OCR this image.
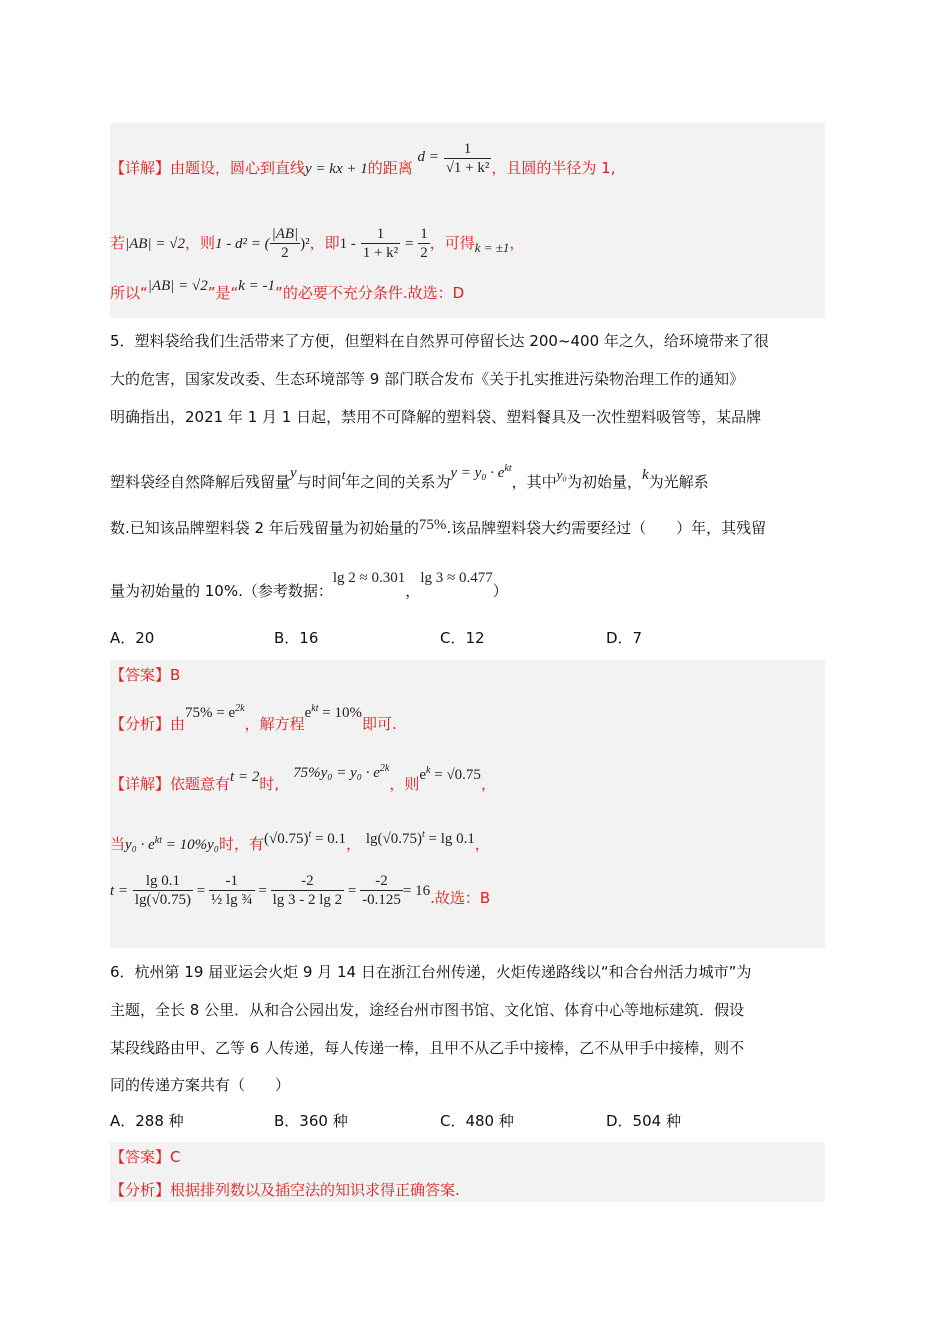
【详解】由题设，圆心到直线y = kx + 1的距离 $d = \frac{1}{\text{√1 + k²}}$ ，且圆的半径为 1,
若|AB| = √2，则1 - d² = ( $\frac{|AB|}{2} )^2$，即$1 - \frac{1}{\text{1 + k²}} = \frac{1}{2}$ ，可得k = ±1，
所以“|AB| = √2”是“k = -1”的必要不充分条件.故选：D
5．塑料袋给我们生活带来了方便，但塑料在自然界可停留长达 200~400 年之久，给环境带来了很
大的危害，国家发改委、生态环境部等 9 部门联合发布《关于扎实推进污染物治理工作的通知》
明确指出，2021 年 1 月 1 日起，禁用不可降解的塑料袋、塑料餐具及一次性塑料吸管等，某品牌
塑料袋经自然降解后残留量y与时间t年之间的关系为$y = y_0 \cdot e^{kt}$，其中y₀为初始量，k为光解系
数.已知该品牌塑料袋 2 年后残留量为初始量的75%.该品牌塑料袋大约需要经过（　　）年，其残留
量为初始量的 10%.（参考数据：lg 2 ≈ 0.301，lg 3 ≈ 0.477）
A．20	B．16	C．12	D．7
【答案】B
【分析】由$75\% = e^{2k}$，解方程$e^{kt} = 10\%$即可.
【详解】依题意有t = 2时$,75\%y_0 = y_0 \cdot e^{2k}$，则$e^k = √0.75$，
当$y_0 \cdot e^{kt} = 10\%y_0$时，有$(√0.75)^t = 0.1$， $\lg(√0.75)^t = \lg 0.1$，
$t = \frac{\lg 0.1}{\lg(√0.75)} = \frac{-1}{\text{½ lg ¾}} = \frac{-2}{\lg 3 - 2 \lg 2} = \frac{-2}{-0.125} = 16$.故选：B
6．杭州第 19 届亚运会火炬 9 月 14 日在浙江台州传递，火炬传递路线以“和合台州活力城市”为
主题，全长 8 公里．从和合公园出发，途经台州市图书馆、文化馆、体育中心等地标建筑．假设
某段线路由甲、乙等 6 人传递，每人传递一棒，且甲不从乙手中接棒，乙不从甲手中接棒，则不
同的传递方案共有（　　）
A．288 种	B．360 种	C．480 种	D．504 种
【答案】C
【分析】根据排列数以及插空法的知识求得正确答案.
